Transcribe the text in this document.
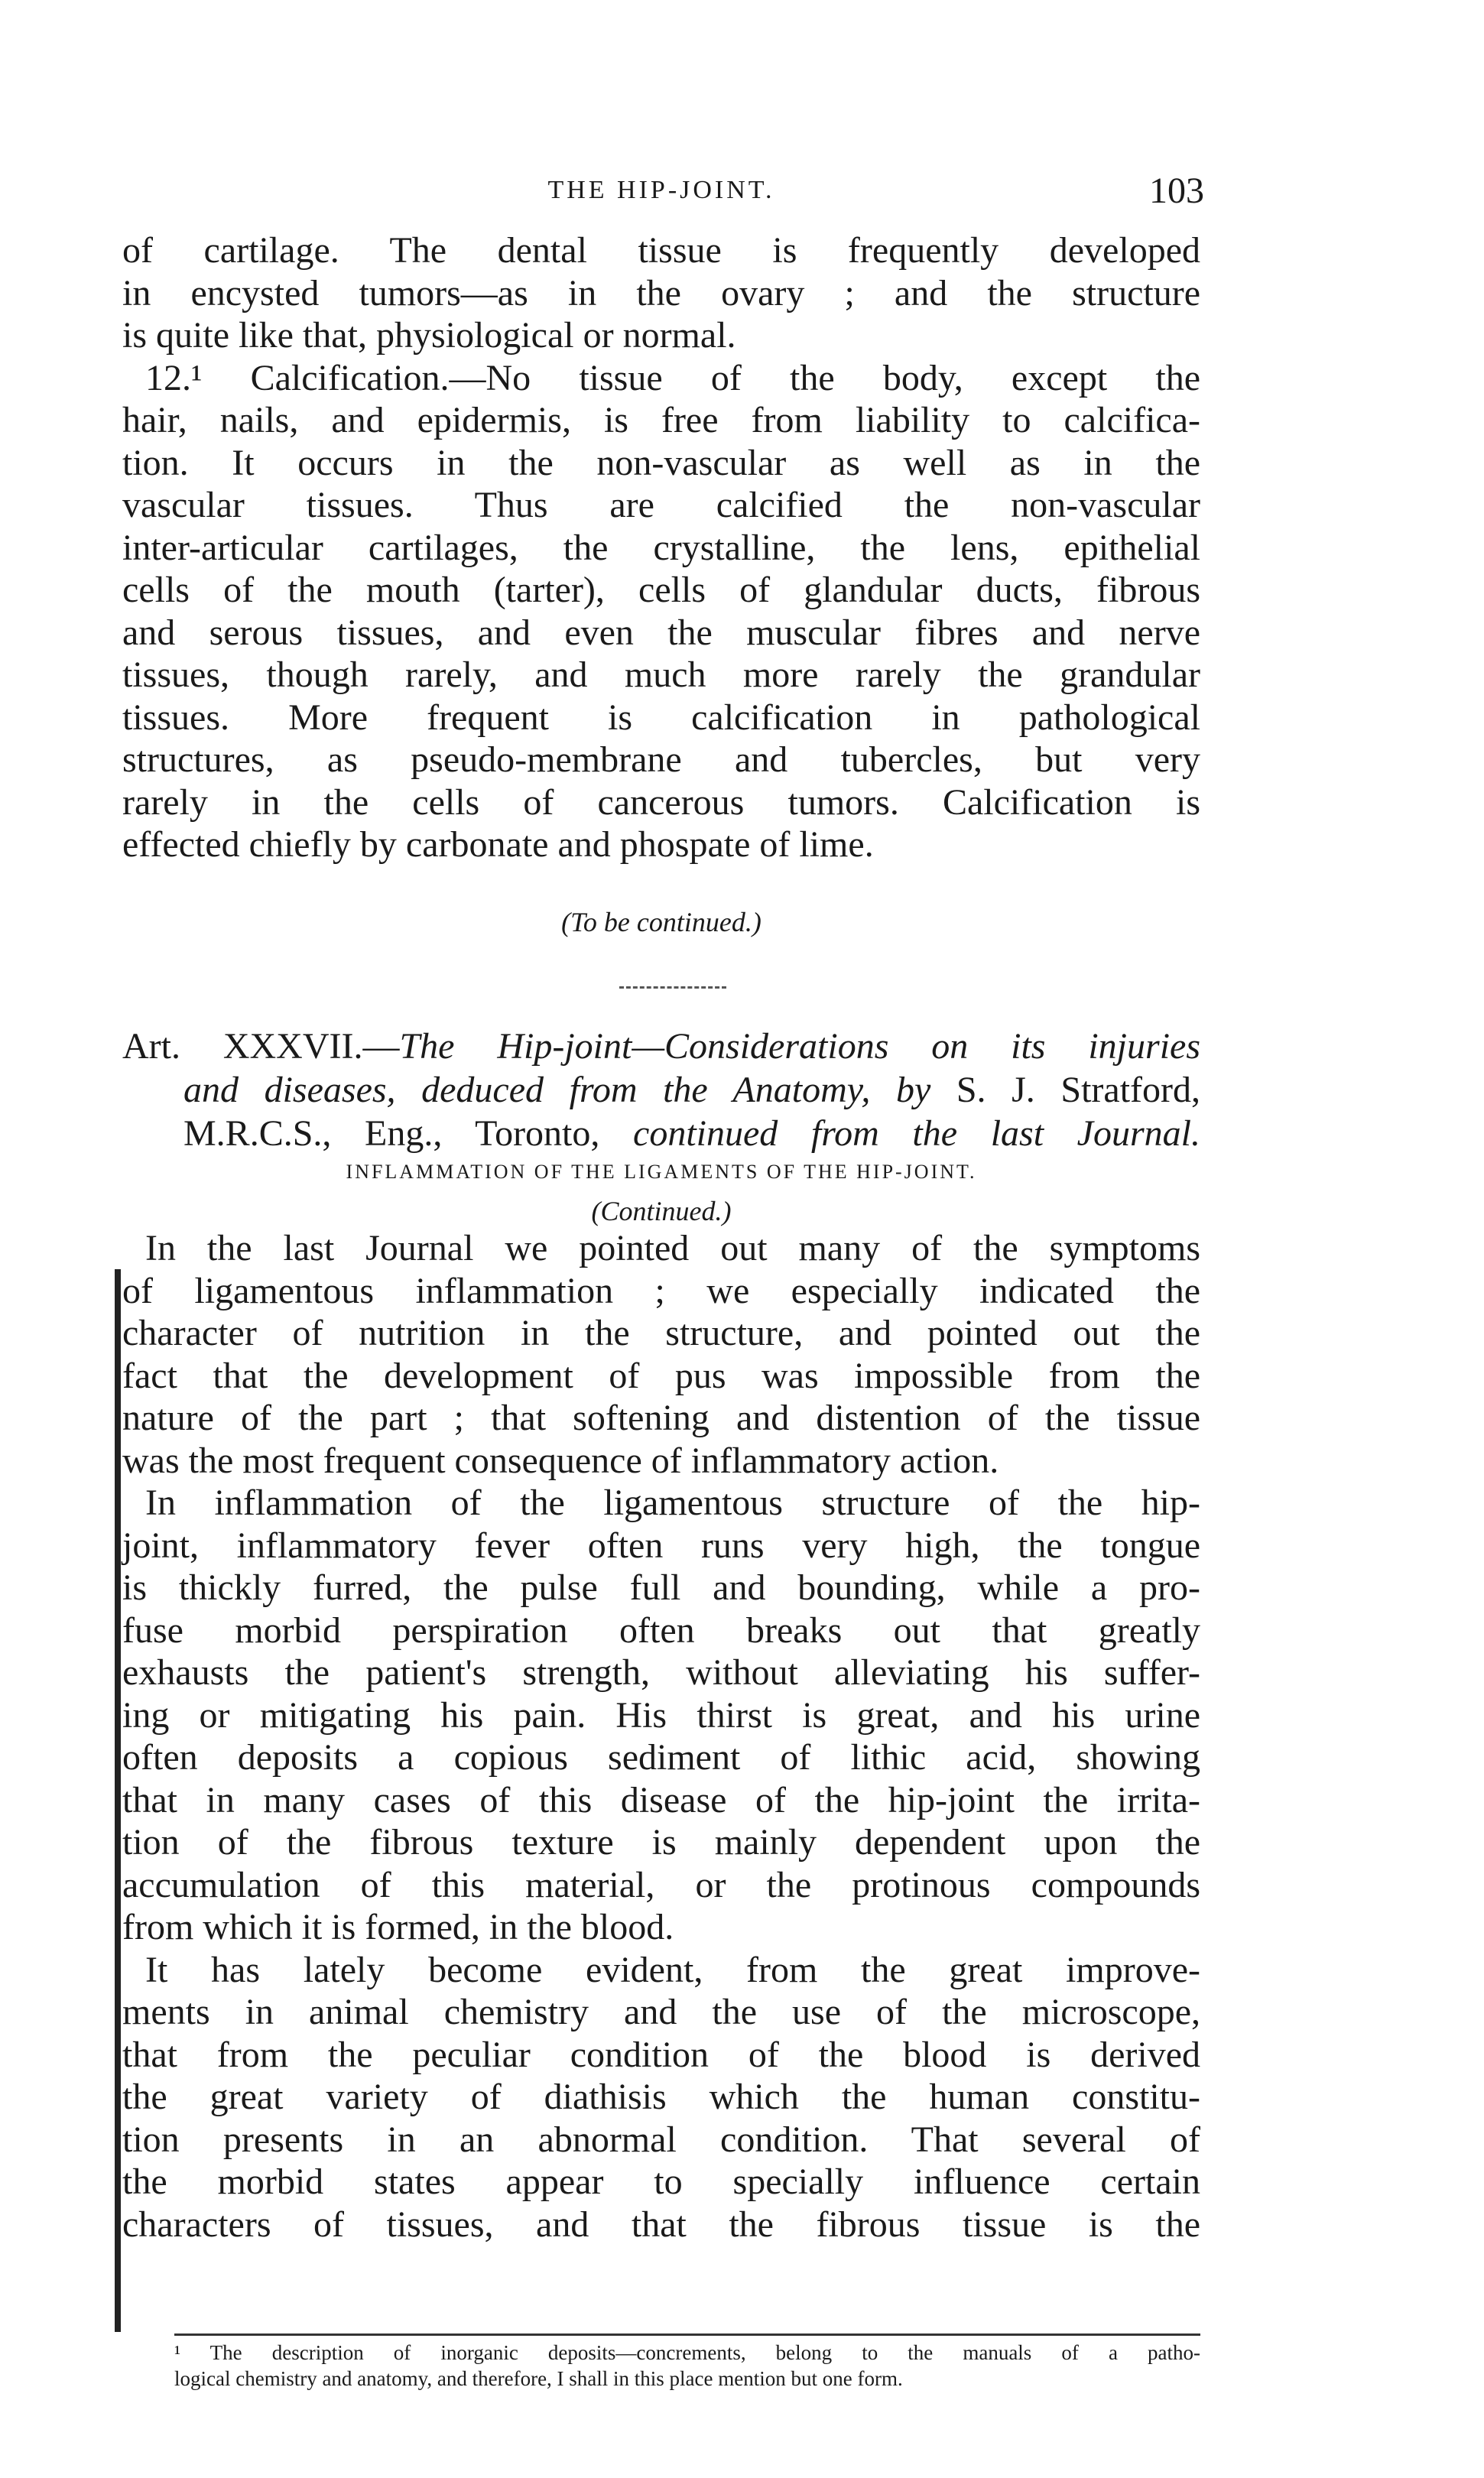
THE HIP-JOINT.	103
of cartilage. The dental tissue is frequently developed
in encysted tumors—as in the ovary ; and the structure
is quite like that, physiological or normal.
12.¹ Calcification.—No tissue of the body, except the
hair, nails, and epidermis, is free from liability to calcifica-
tion. It occurs in the non-vascular as well as in the
vascular tissues. Thus are calcified the non-vascular
inter-articular cartilages, the crystalline, the lens, epithelial
cells of the mouth (tarter), cells of glandular ducts, fibrous
and serous tissues, and even the muscular fibres and nerve
tissues, though rarely, and much more rarely the grandular
tissues. More frequent is calcification in pathological
structures, as pseudo-membrane and tubercles, but very
rarely in the cells of cancerous tumors. Calcification is
effected chiefly by carbonate and phospate of lime.
(To be continued.)
Art. XXXVII.—The Hip-joint—Considerations on its injuries
and diseases, deduced from the Anatomy, by S. J. Stratford,
M.R.C.S., Eng., Toronto, continued from the last Journal.
INFLAMMATION OF THE LIGAMENTS OF THE HIP-JOINT.
(Continued.)
In the last Journal we pointed out many of the symptoms
of ligamentous inflammation ; we especially indicated the
character of nutrition in the structure, and pointed out the
fact that the development of pus was impossible from the
nature of the part ; that softening and distention of the tissue
was the most frequent consequence of inflammatory action.
In inflammation of the ligamentous structure of the hip-
joint, inflammatory fever often runs very high, the tongue
is thickly furred, the pulse full and bounding, while a pro-
fuse morbid perspiration often breaks out that greatly
exhausts the patient's strength, without alleviating his suffer-
ing or mitigating his pain. His thirst is great, and his urine
often deposits a copious sediment of lithic acid, showing
that in many cases of this disease of the hip-joint the irrita-
tion of the fibrous texture is mainly dependent upon the
accumulation of this material, or the protinous compounds
from which it is formed, in the blood.
It has lately become evident, from the great improve-
ments in animal chemistry and the use of the microscope,
that from the peculiar condition of the blood is derived
the great variety of diathisis which the human constitu-
tion presents in an abnormal condition. That several of
the morbid states appear to specially influence certain
characters of tissues, and that the fibrous tissue is the
¹ The description of inorganic deposits—concrements, belong to the manuals of a patho-
logical chemistry and anatomy, and therefore, I shall in this place mention but one form.
